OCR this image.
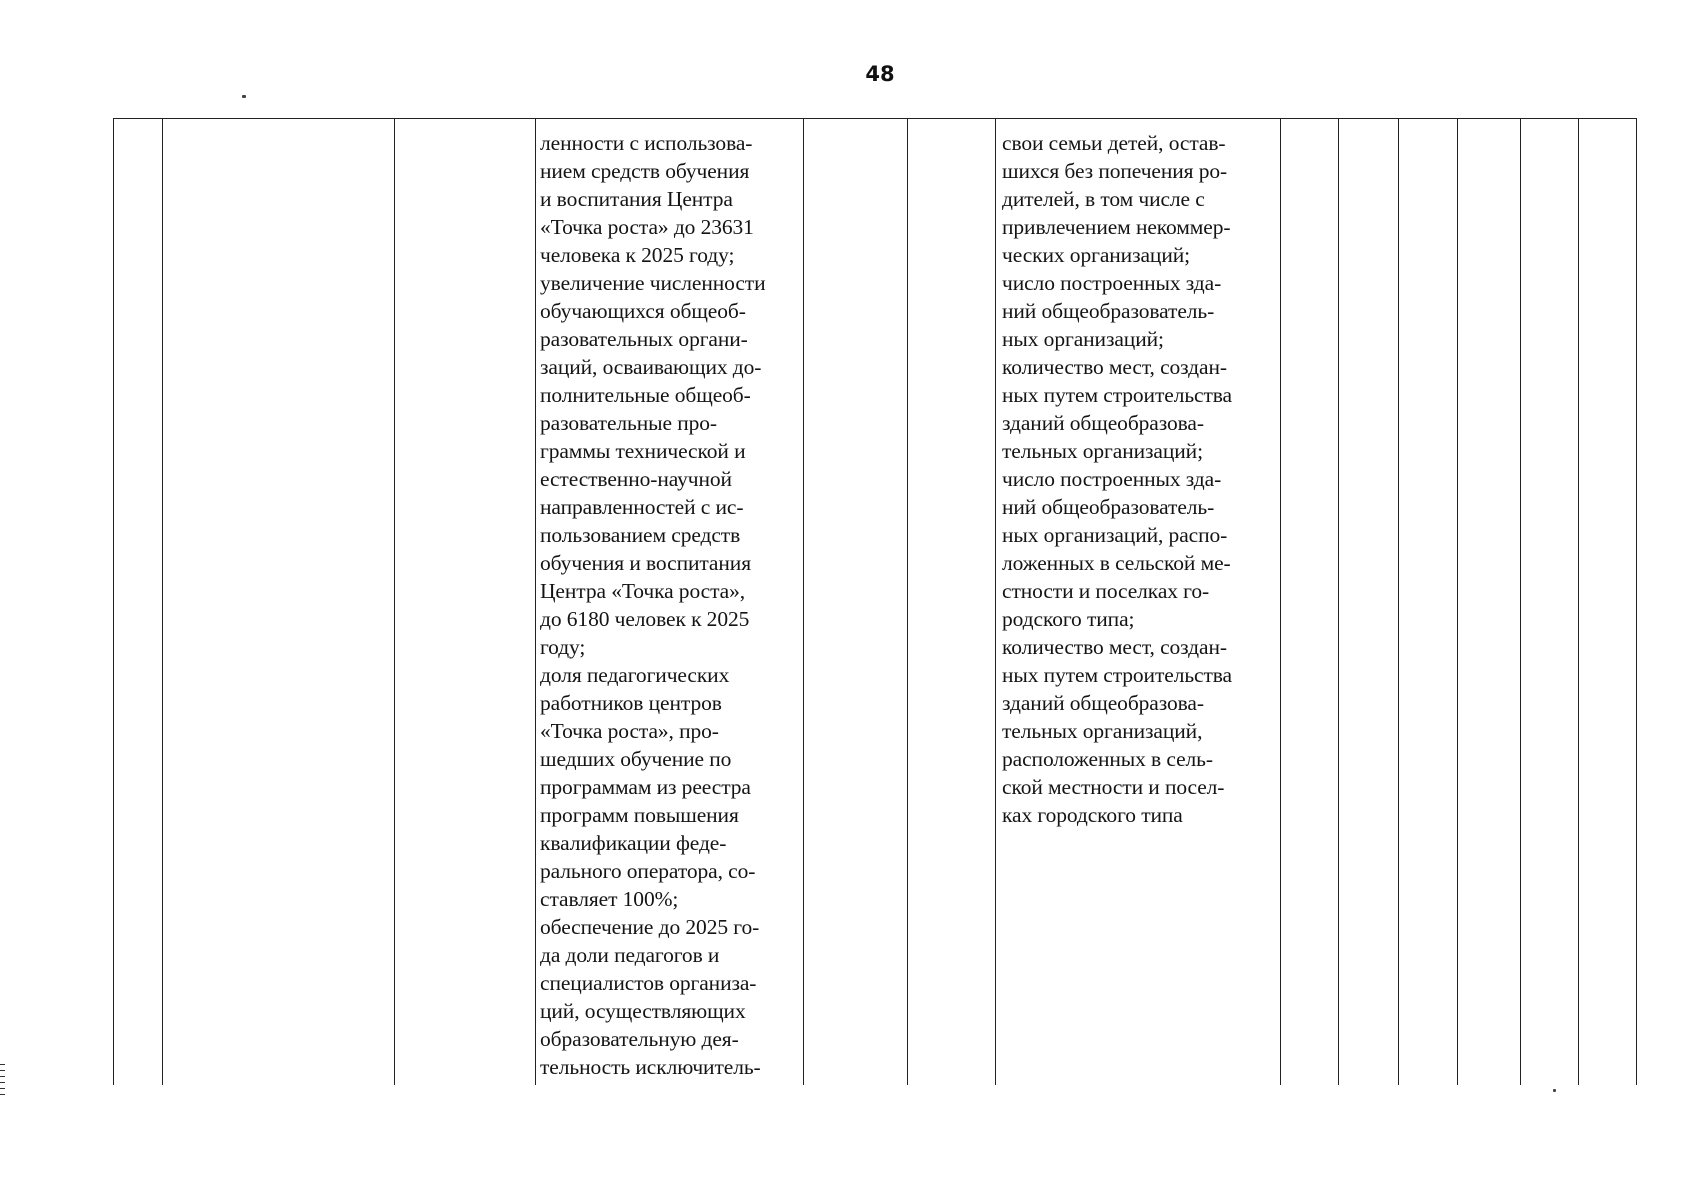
48
ленности с использова-
нием средств обучения
и воспитания Центра
«Точка роста» до 23631
человека к 2025 году;
увеличение численности
обучающихся общеоб-
разовательных органи-
заций, осваивающих до-
полнительные общеоб-
разовательные про-
граммы технической и
естественно-научной
направленностей с ис-
пользованием средств
обучения и воспитания
Центра «Точка роста»,
до 6180 человек к 2025
году;
доля педагогических
работников центров
«Точка роста», про-
шедших обучение по
программам из реестра
программ повышения
квалификации феде-
рального оператора, со-
ставляет 100%;
обеспечение до 2025 го-
да доли педагогов и
специалистов организа-
ций, осуществляющих
образовательную дея-
тельность исключитель-
свои семьи детей, остав-
шихся без попечения ро-
дителей, в том числе с
привлечением некоммер-
ческих организаций;
число построенных зда-
ний общеобразователь-
ных организаций;
количество мест, создан-
ных путем строительства
зданий общеобразова-
тельных организаций;
число построенных зда-
ний общеобразователь-
ных организаций, распо-
ложенных в сельской ме-
стности и поселках го-
родского типа;
количество мест, создан-
ных путем строительства
зданий общеобразова-
тельных организаций,
расположенных в сель-
ской местности и посел-
ках городского типа
